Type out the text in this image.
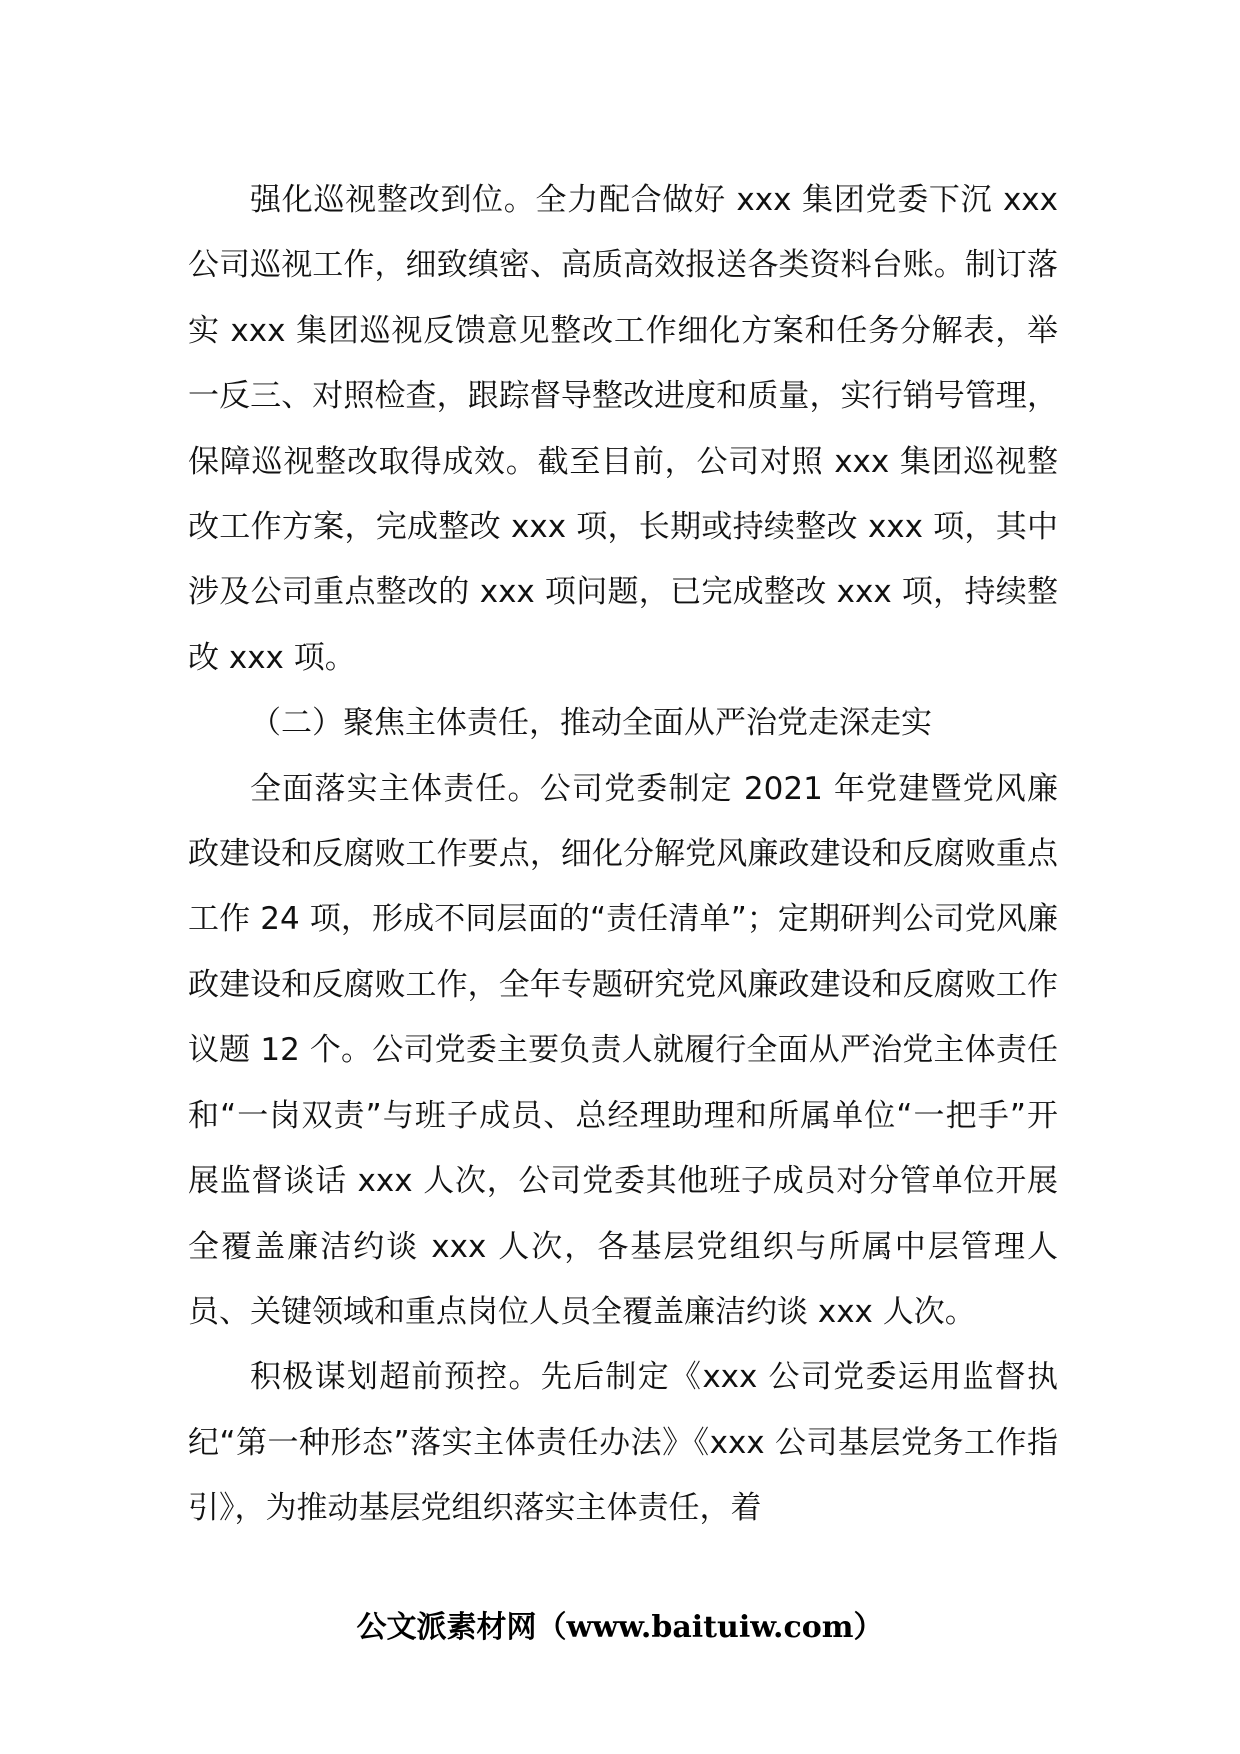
强化巡视整改到位。全力配合做好 xxx 集团党委下沉 xxx 公司巡视工作，细致缜密、高质高效报送各类资料台账。制订落实 xxx 集团巡视反馈意见整改工作细化方案和任务分解表，举一反三、对照检查，跟踪督导整改进度和质量，实行销号管理，保障巡视整改取得成效。截至目前，公司对照 xxx 集团巡视整改工作方案，完成整改 xxx 项，长期或持续整改 xxx 项，其中涉及公司重点整改的 xxx 项问题，已完成整改 xxx 项，持续整改 xxx 项。

（二）聚焦主体责任，推动全面从严治党走深走实

全面落实主体责任。公司党委制定 2021 年党建暨党风廉政建设和反腐败工作要点，细化分解党风廉政建设和反腐败重点工作 24 项，形成不同层面的“责任清单”；定期研判公司党风廉政建设和反腐败工作，全年专题研究党风廉政建设和反腐败工作议题 12 个。公司党委主要负责人就履行全面从严治党主体责任和“一岗双责”与班子成员、总经理助理和所属单位“一把手”开展监督谈话 xxx 人次，公司党委其他班子成员对分管单位开展全覆盖廉洁约谈 xxx 人次，各基层党组织与所属中层管理人员、关键领域和重点岗位人员全覆盖廉洁约谈 xxx 人次。

积极谋划超前预控。先后制定《xxx 公司党委运用监督执纪“第一种形态”落实主体责任办法》《xxx 公司基层党务工作指引》，为推动基层党组织落实主体责任，着

公文派素材网（www.baituiw.com）
